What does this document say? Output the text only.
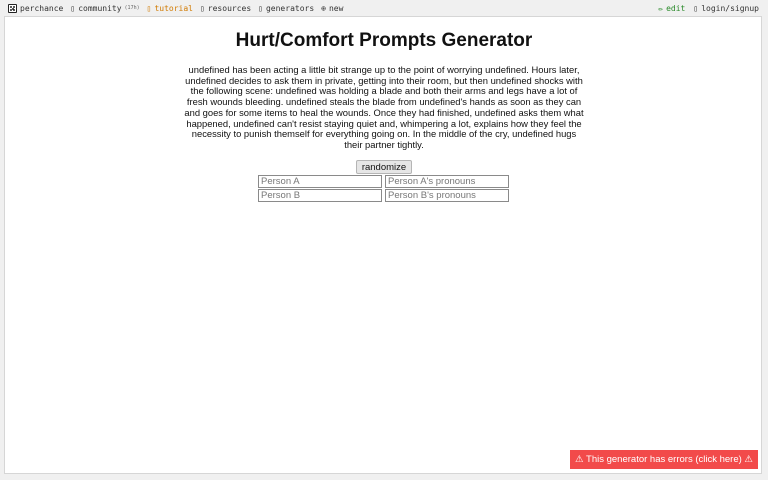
perchance ▯ community (17h) ▯ tutorial ▯ resources ▯ generators ⊕ new	✏ edit ▯ login/signup
Hurt/Comfort Prompts Generator
undefined has been acting a little bit strange up to the point of worrying undefined. Hours later, undefined decides to ask them in private, getting into their room, but then undefined shocks with the following scene: undefined was holding a blade and both their arms and legs have a lot of fresh wounds bleeding. undefined steals the blade from undefined's hands as soon as they can and goes for some items to heal the wounds. Once they had finished, undefined asks them what happened, undefined can't resist staying quiet and, whimpering a lot, explains how they feel the necessity to punish themself for everything going on. In the middle of the cry, undefined hugs their partner tightly.
randomize
Person A
Person A's pronouns
Person B
Person B's pronouns
⚠ This generator has errors (click here) ⚠
